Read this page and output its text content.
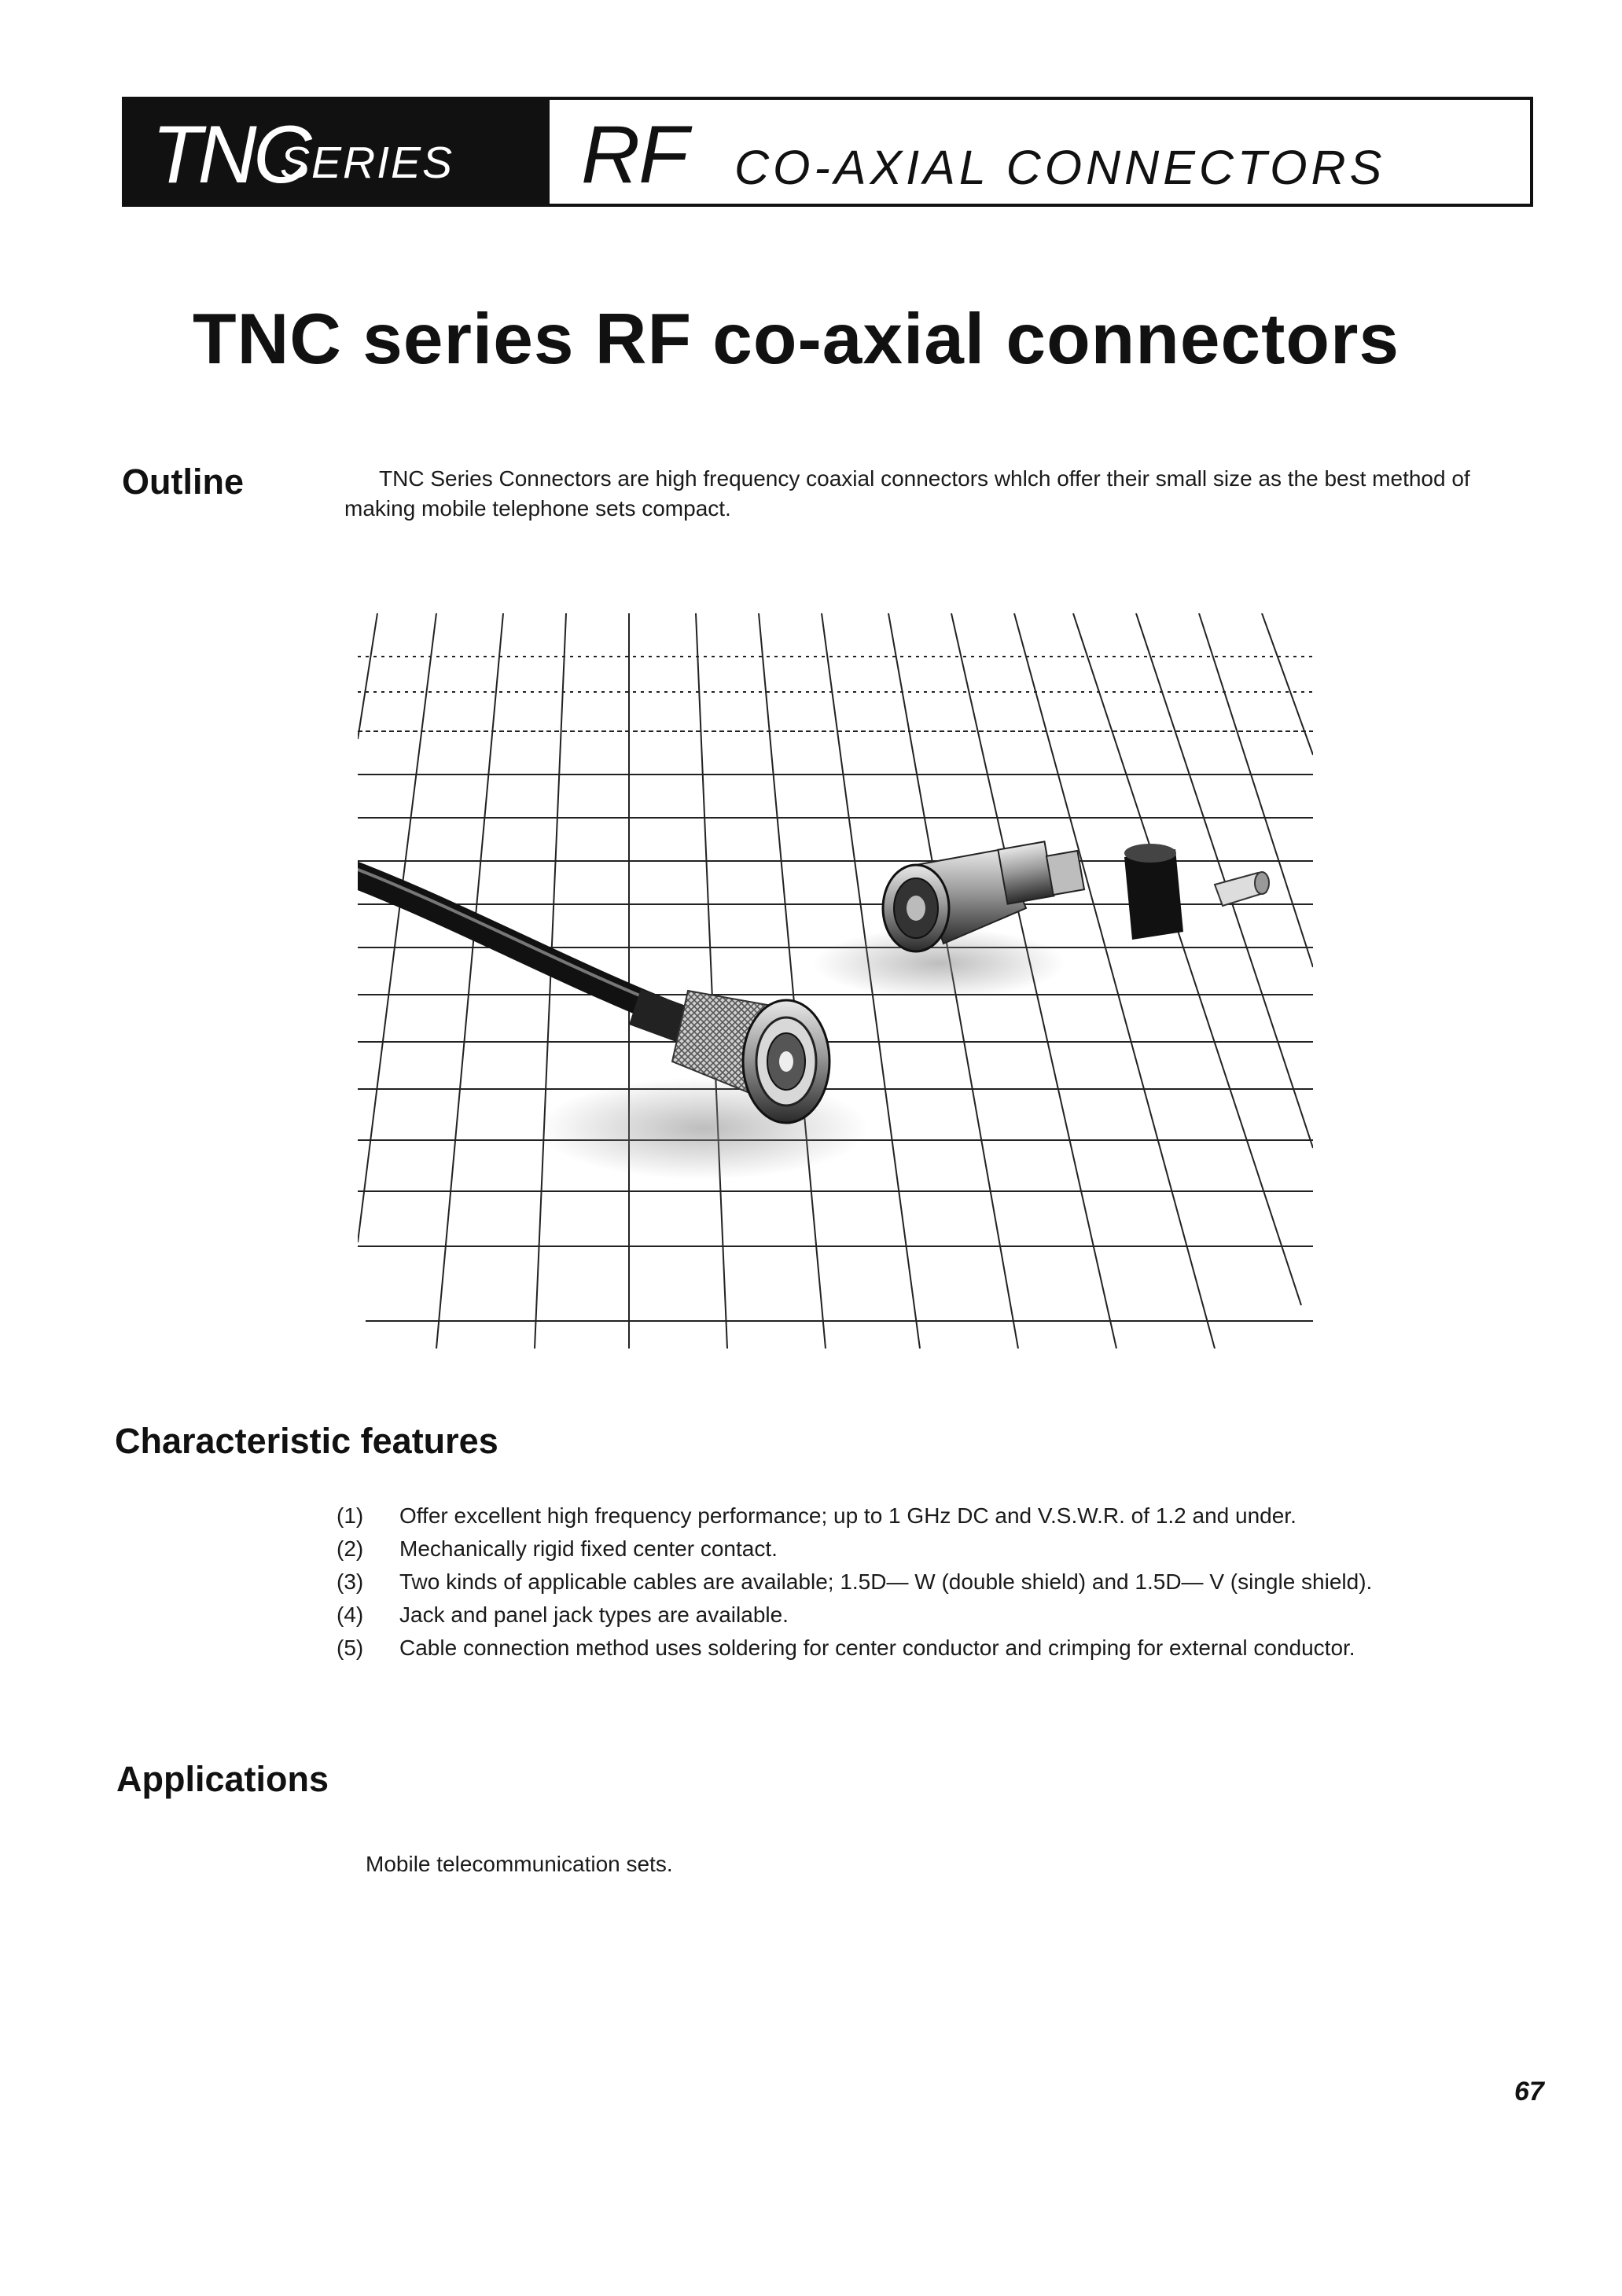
TNC
SERIES RF CO-AXIAL CONNECTORS
TNC series RF co-axial connectors
Outline	TNC Series Connectors are high frequency coaxial connectors whlch offer their small size as the best method of making mobile telephone sets compact.
Characteristic features
(1)	Offer excellent high frequency performance; up to 1 GHz DC and V.S.W.R. of 1.2 and under.
(2)	Mechanically rigid fixed center contact.
(3)	Two kinds of applicable cables are available; 1.5D— W (double shield) and 1.5D— V (single shield).
(4)	Jack and panel jack types are available.
(5)	Cable connection method uses soldering for center conductor and crimping for external conductor.
Applications
Mobile telecommunication sets.
67
